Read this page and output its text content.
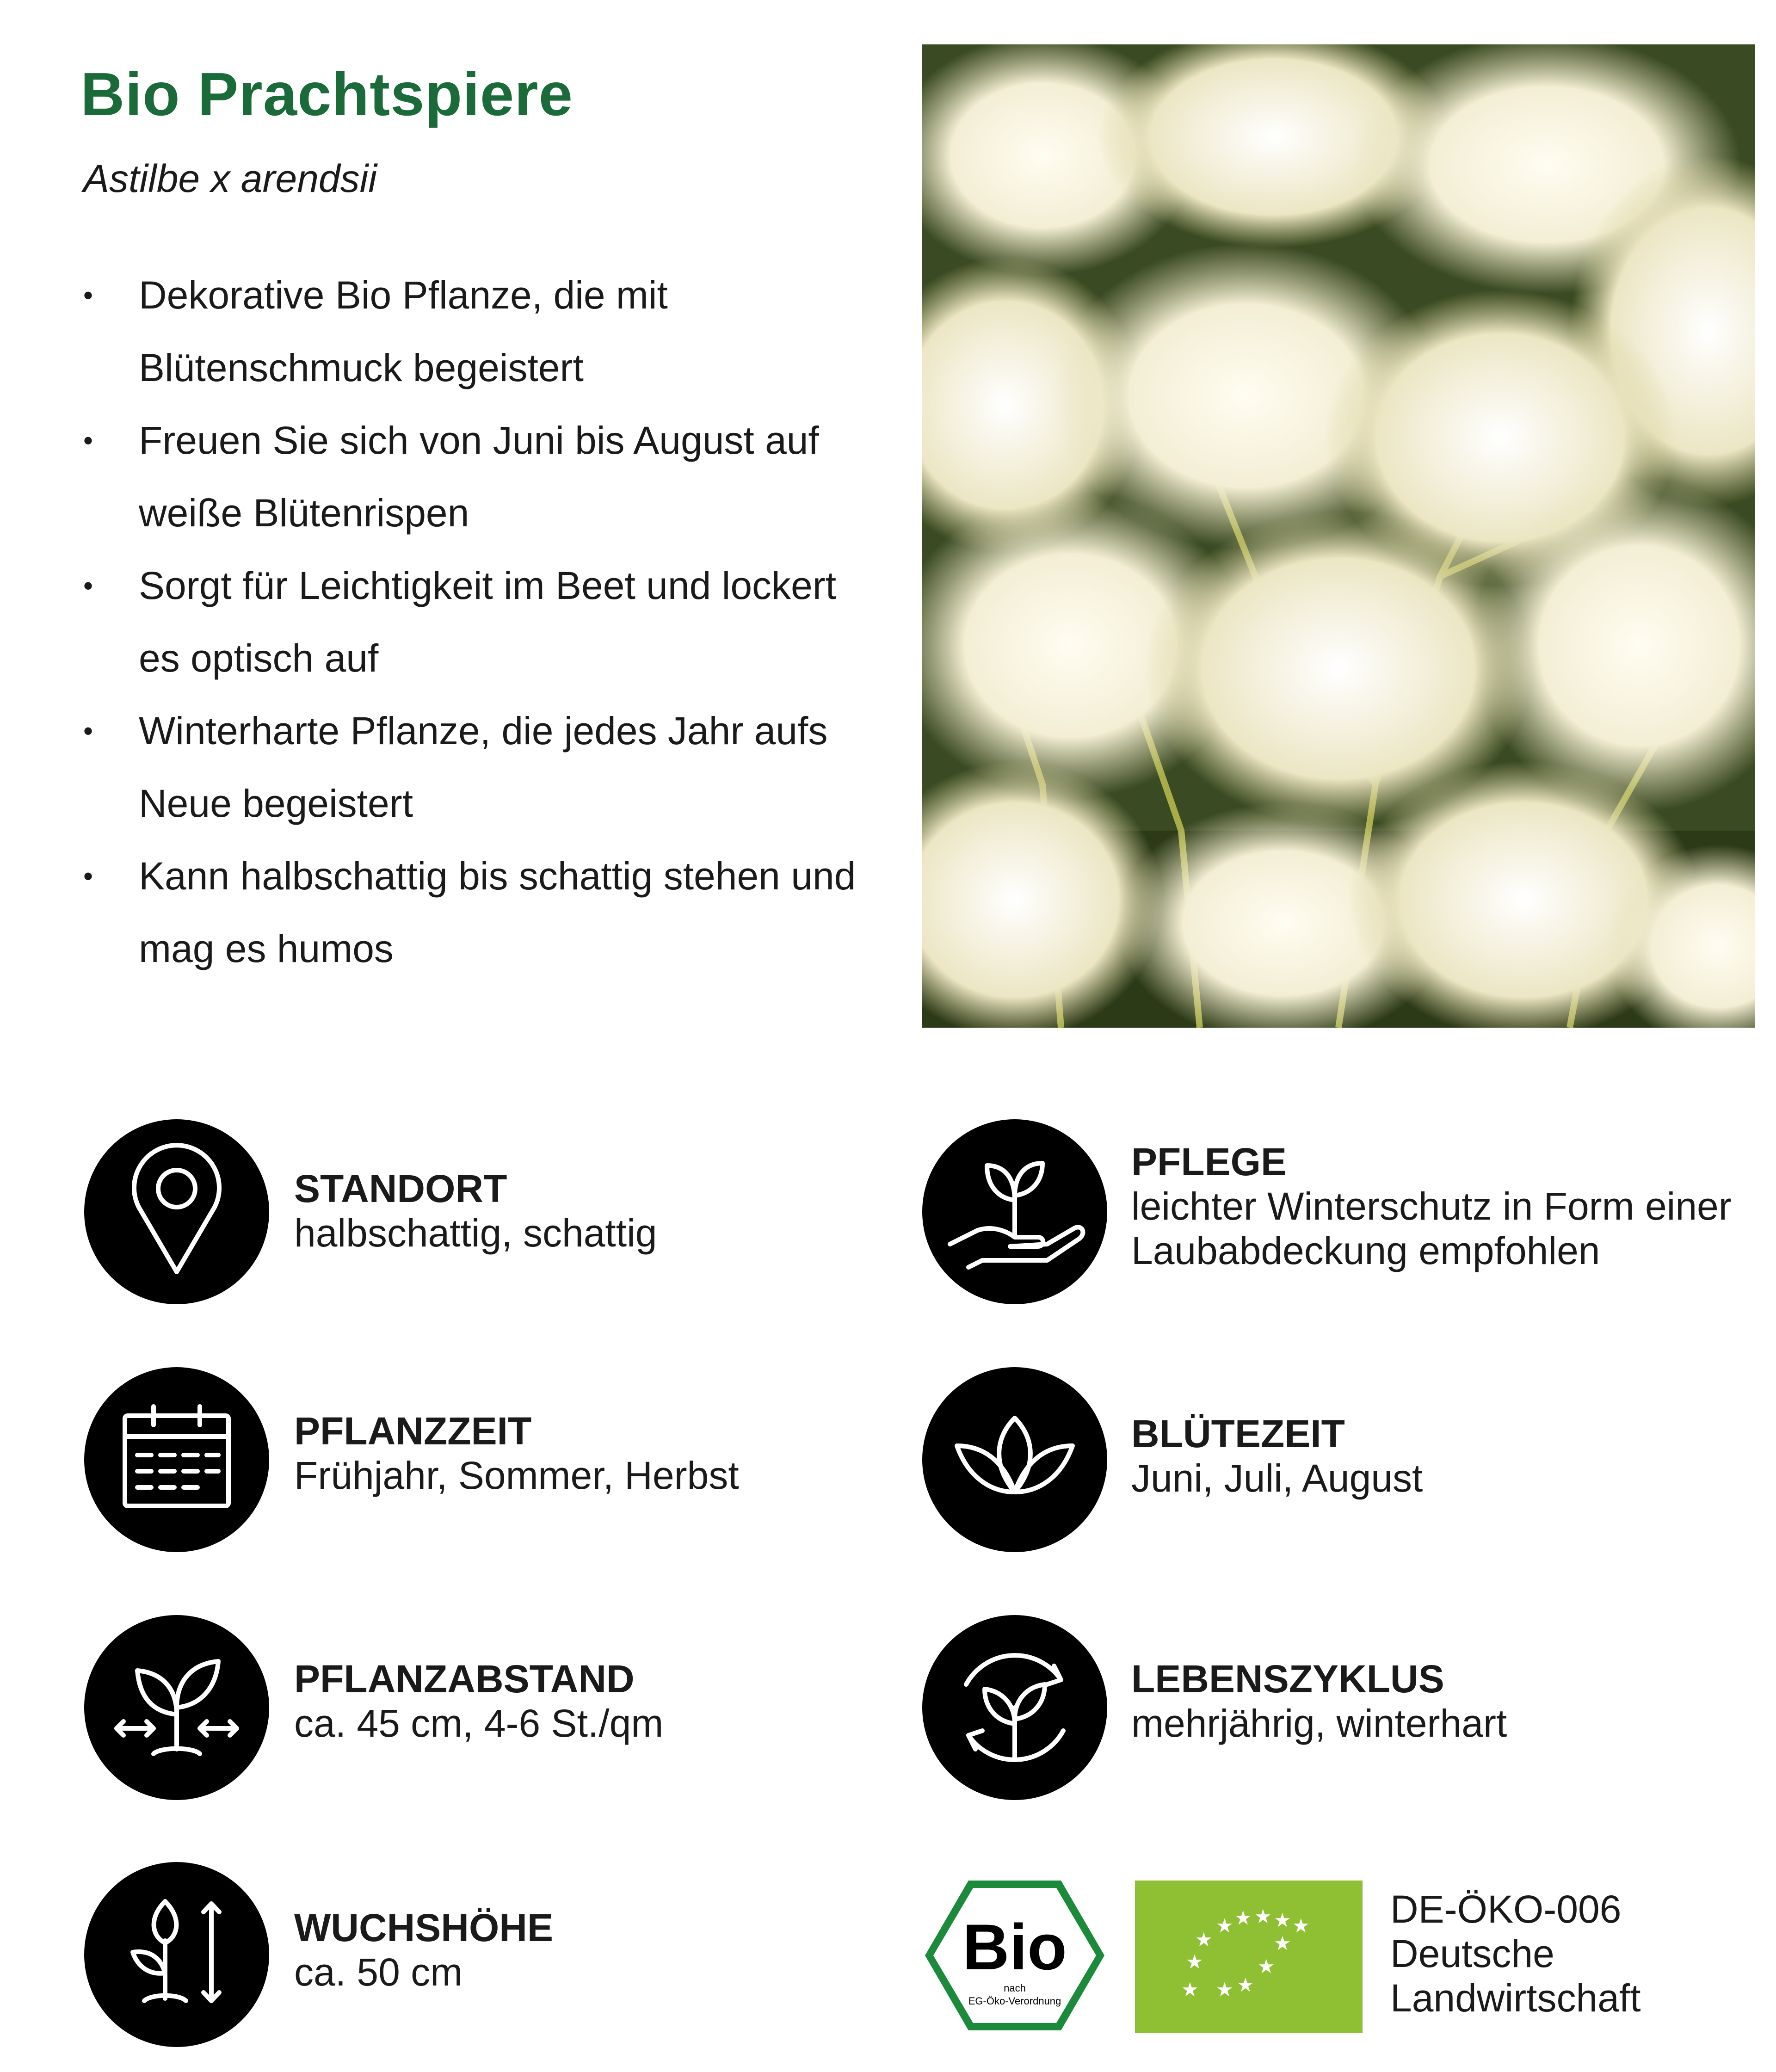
Bio Prachtspiere

Astilbe x arendsii

• Dekorative Bio Pflanze, die mit Blütenschmuck begeistert
• Freuen Sie sich von Juni bis August auf weiße Blütenrispen
• Sorgt für Leichtigkeit im Beet und lockert es optisch auf
• Winterharte Pflanze, die jedes Jahr aufs Neue begeistert
• Kann halbschattig bis schattig stehen und mag es humos
STANDORT
halbschattig, schattig
PFLEGE
leichter Winterschutz in Form einer
Laubabdeckung empfohlen
PFLANZZEIT
Frühjahr, Sommer, Herbst
BLÜTEZEIT
Juni, Juli, August
PFLANZABSTAND
ca. 45 cm, 4-6 St./qm
LEBENSZYKLUS
mehrjährig, winterhart
WUCHSHÖHE
ca. 50 cm	Bio
nach
EG-Öko-Verordnung
★ ★ ★ ★ ★
★	★
★	★
★
★
★
DE-ÖKO-006
Deutsche
Landwirtschaft
